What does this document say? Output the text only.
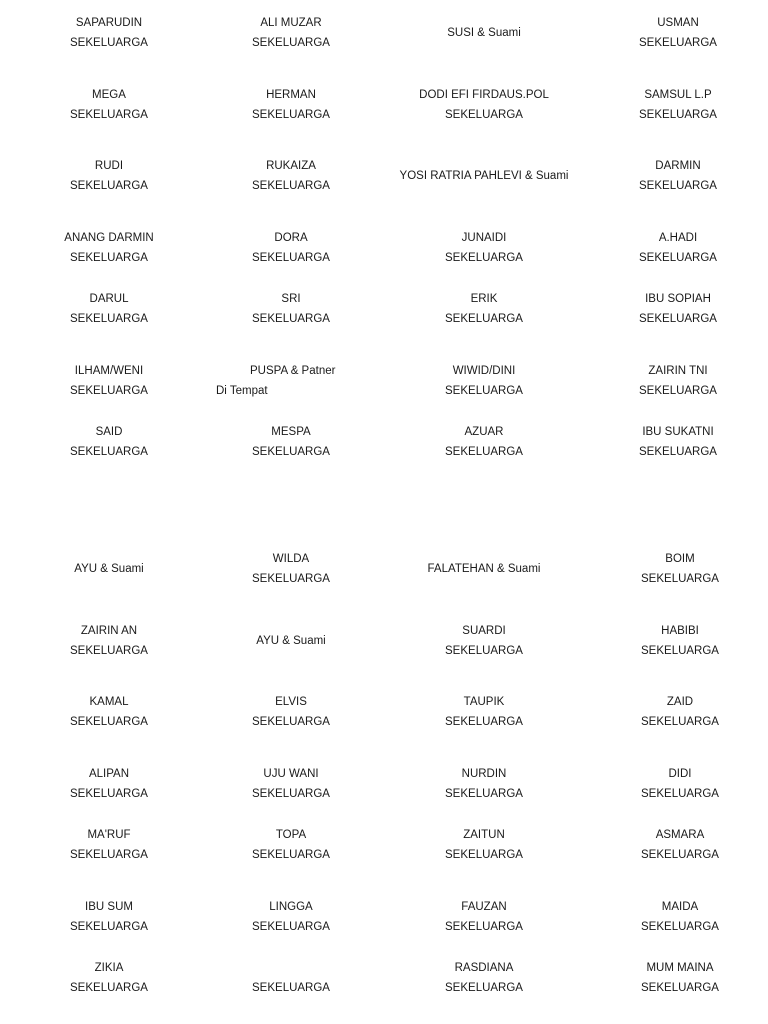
SAPARUDIN
SEKELUARGA
ALI MUZAR
SEKELUARGA
SUSI & Suami
USMAN
SEKELUARGA
MEGA
SEKELUARGA
HERMAN
SEKELUARGA
DODI EFI FIRDAUS.POL
SEKELUARGA
SAMSUL L.P
SEKELUARGA
RUDI
SEKELUARGA
RUKAIZA
SEKELUARGA
YOSI RATRIA PAHLEVI & Suami
DARMIN
SEKELUARGA
ANANG DARMIN
SEKELUARGA
DORA
SEKELUARGA
JUNAIDI
SEKELUARGA
A.HADI
SEKELUARGA
DARUL
SEKELUARGA
SRI
SEKELUARGA
ERIK
SEKELUARGA
IBU SOPIAH
SEKELUARGA
ILHAM/WENI
SEKELUARGA
PUSPA & Patner
Di Tempat
WIWID/DINI
SEKELUARGA
ZAIRIN TNI
SEKELUARGA
SAID
SEKELUARGA
MESPA
SEKELUARGA
AZUAR
SEKELUARGA
IBU SUKATNI
SEKELUARGA
AYU & Suami
WILDA
SEKELUARGA
FALATEHAN & Suami
BOIM
SEKELUARGA
ZAIRIN AN
SEKELUARGA
AYU & Suami
SUARDI
SEKELUARGA
HABIBI
SEKELUARGA
KAMAL
SEKELUARGA
ELVIS
SEKELUARGA
TAUPIK
SEKELUARGA
ZAID
SEKELUARGA
ALIPAN
SEKELUARGA
UJU WANI
SEKELUARGA
NURDIN
SEKELUARGA
DIDI
SEKELUARGA
MA'RUF
SEKELUARGA
TOPA
SEKELUARGA
ZAITUN
SEKELUARGA
ASMARA
SEKELUARGA
IBU SUM
SEKELUARGA
LINGGA
SEKELUARGA
FAUZAN
SEKELUARGA
MAIDA
SEKELUARGA
ZIKIA
SEKELUARGA	SEKELUARGA
RASDIANA
SEKELUARGA
MUM MAINA
SEKELUARGA
